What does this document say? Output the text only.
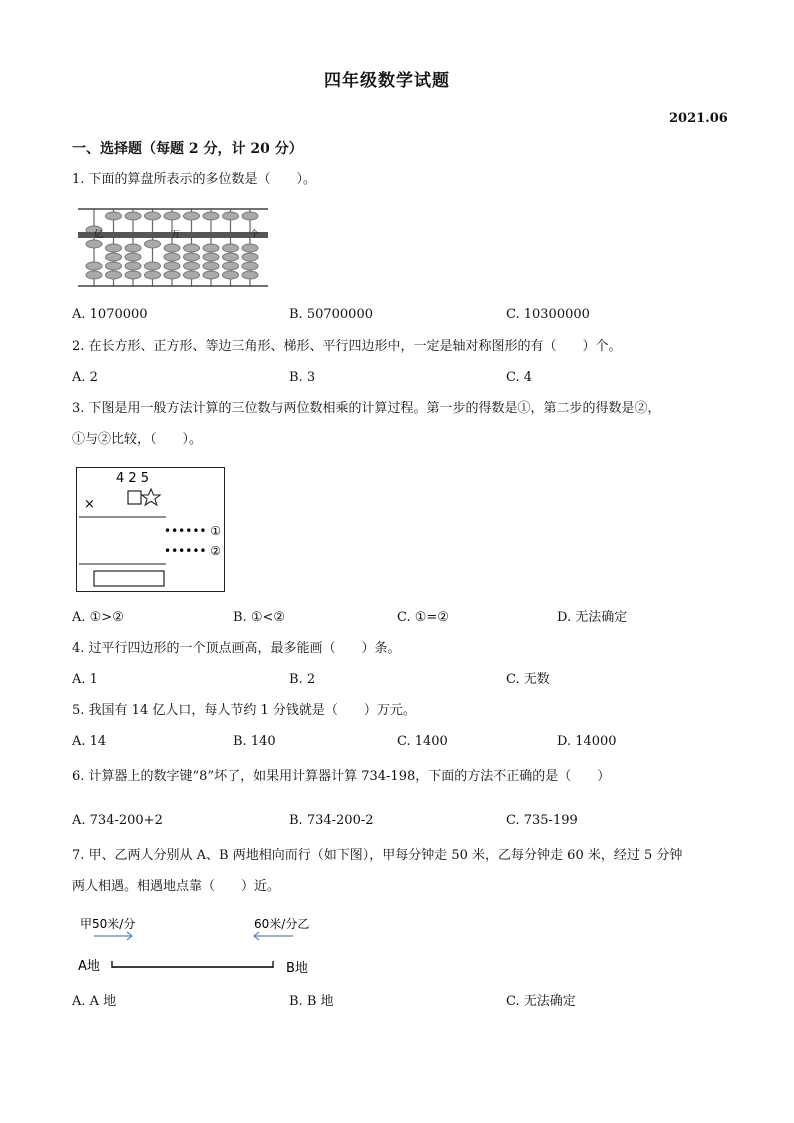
四年级数学试题
2021.06
一、选择题（每题 2 分，计 20 分）
1. 下面的算盘所表示的多位数是（　　）。
亿	万	个
A. 1070000	B. 50700000	C. 10300000
2. 在长方形、正方形、等边三角形、梯形、平行四边形中，一定是轴对称图形的有（　　）个。
A. 2	B. 3	C. 4
3. 下图是用一般方法计算的三位数与两位数相乘的计算过程。第一步的得数是①，第二步的得数是②，
①与②比较，（　　）。
4 2 5
×
•••••• ①
•••••• ②
A. ①>②	B. ①<②	C. ①=②	D. 无法确定
4. 过平行四边形的一个顶点画高，最多能画（　　）条。
A. 1	B. 2	C. 无数
5. 我国有 14 亿人口，每人节约 1 分钱就是（　　）万元。
A. 14	B. 140	C. 1400	D. 14000
6. 计算器上的数字键“8”坏了，如果用计算器计算 734-198，下面的方法不正确的是（　　）
A. 734-200+2	B. 734-200-2	C. 735-199
7. 甲、乙两人分别从 A、B 两地相向而行（如下图），甲每分钟走 50 米，乙每分钟走 60 米，经过 5 分钟
两人相遇。相遇地点靠（　　）近。
甲50米/分	60米/分乙
A地	B地
A. A 地	B. B 地	C. 无法确定
